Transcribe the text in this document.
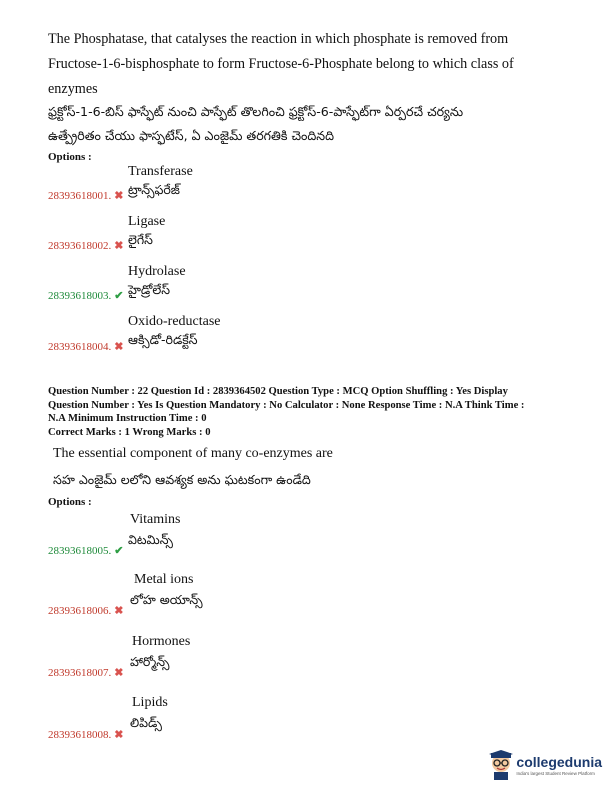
The Phosphatase, that catalyses the reaction in which phosphate is removed from
Fructose-1-6-bisphosphate to form Fructose-6-Phosphate belong to which class of
enzymes
ఫ్రక్టోస్-1-6-బిస్ ఫాస్ఫేట్ నుంచి పాస్ఫేట్ తొలగించి ఫ్రక్టోస్-6-పాస్ఫేట్‌గా ఏర్పరచే చర్యను
ఉత్ప్రేరితం చేయు ఫాస్ఫటేస్, ఏ ఎంజైమ్ తరగతికి చెందినది
Options :
Transferase
ట్రాన్స్‌ఫరేజ్
28393618001. ✖
Ligase
లైగేస్
28393618002. ✖
Hydrolase
హైడ్రోలేస్
28393618003. ✔
Oxido-reductase
ఆక్సిడో-రిడక్టేస్
28393618004. ✖
Question Number : 22 Question Id : 2839364502 Question Type : MCQ Option Shuffling : Yes Display
Question Number : Yes Is Question Mandatory : No Calculator : None Response Time : N.A Think Time :
N.A Minimum Instruction Time : 0
Correct Marks : 1 Wrong Marks : 0
The essential component of many co-enzymes are
సహ ఎంజైమ్ లలోని ఆవశ్యక అను ఘటకంగా ఉండేది
Options :
Vitamins
విటమిన్స్
28393618005. ✔
Metal ions
లోహ అయాన్స్
28393618006. ✖
Hormones
హార్మోన్స్
28393618007. ✖
Lipids
లిపిడ్స్
28393618008. ✖
collegedunia
India's largest Student Review Platform
